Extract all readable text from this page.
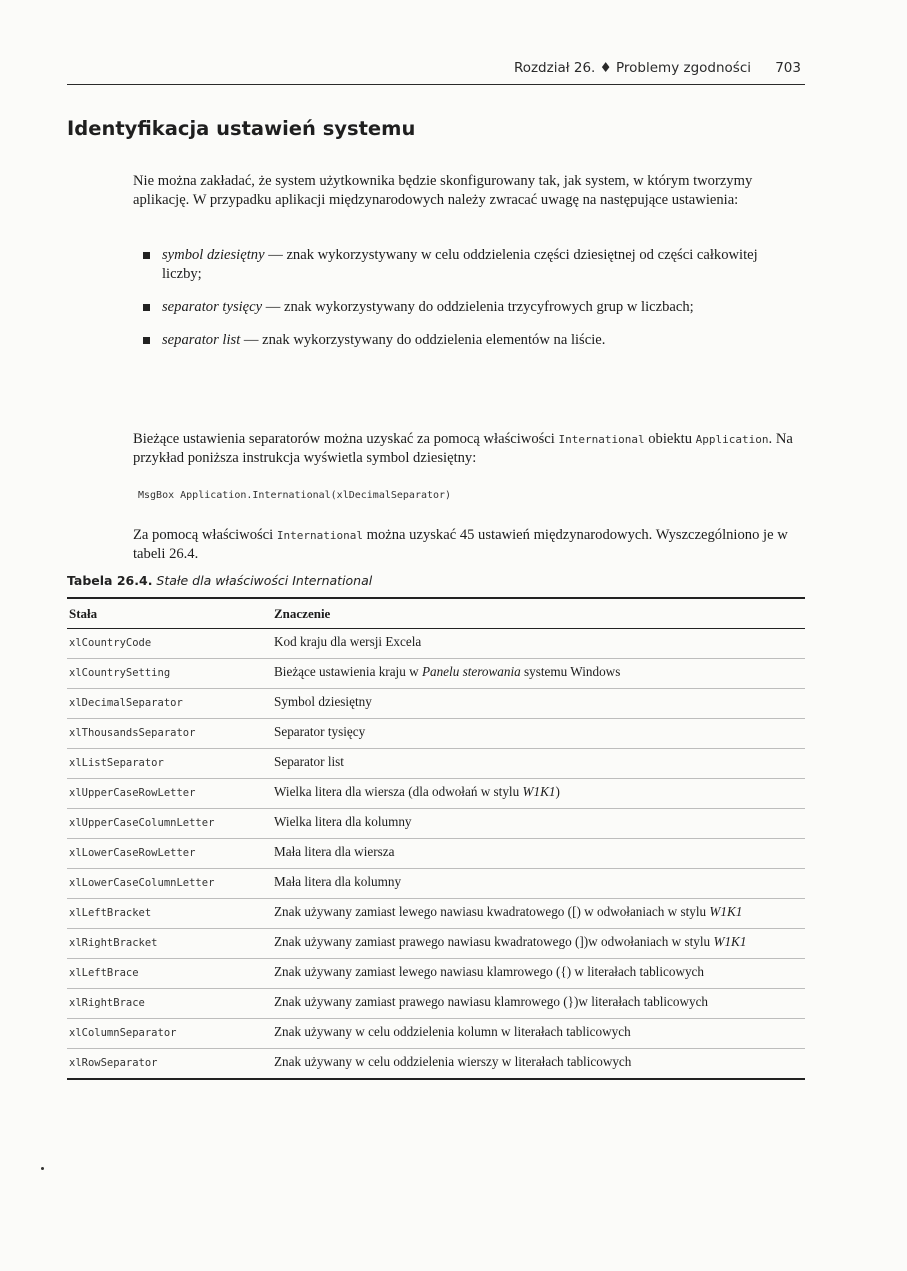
Rozdział 26. ♦ Problemy zgodności 703
Identyfikacja ustawień systemu

Nie można zakładać, że system użytkownika będzie skonfigurowany tak, jak system, w którym tworzymy aplikację. W przypadku aplikacji międzynarodowych należy zwracać uwagę na następujące ustawienia:

symbol dziesiętny — znak wykorzystywany w celu oddzielenia części dziesiętnej od części całkowitej liczby;
separator tysięcy — znak wykorzystywany do oddzielenia trzycyfrowych grup w liczbach;
separator list — znak wykorzystywany do oddzielenia elementów na liście.

Bieżące ustawienia separatorów można uzyskać za pomocą właściwości International obiektu Application. Na przykład poniższa instrukcja wyświetla symbol dziesiętny:

MsgBox Application.International(xlDecimalSeparator)

Za pomocą właściwości International można uzyskać 45 ustawień międzynarodowych. Wyszczególniono je w tabeli 26.4.

Tabela 26.4. Stałe dla właściwości International
Stała	Znaczenie
xlCountryCode	Kod kraju dla wersji Excela
xlCountrySetting	Bieżące ustawienia kraju w Panelu sterowania systemu Windows
xlDecimalSeparator	Symbol dziesiętny
xlThousandsSeparator	Separator tysięcy
xlListSeparator	Separator list
xlUpperCaseRowLetter	Wielka litera dla wiersza (dla odwołań w stylu W1K1)
xlUpperCaseColumnLetter	Wielka litera dla kolumny
xlLowerCaseRowLetter	Mała litera dla wiersza
xlLowerCaseColumnLetter	Mała litera dla kolumny
xlLeftBracket	Znak używany zamiast lewego nawiasu kwadratowego ([) w odwołaniach w stylu W1K1
xlRightBracket	Znak używany zamiast prawego nawiasu kwadratowego (])w odwołaniach w stylu W1K1
xlLeftBrace	Znak używany zamiast lewego nawiasu klamrowego ({) w literałach tablicowych
xlRightBrace	Znak używany zamiast prawego nawiasu klamrowego (})w literałach tablicowych
xlColumnSeparator	Znak używany w celu oddzielenia kolumn w literałach tablicowych
xlRowSeparator	Znak używany w celu oddzielenia wierszy w literałach tablicowych
